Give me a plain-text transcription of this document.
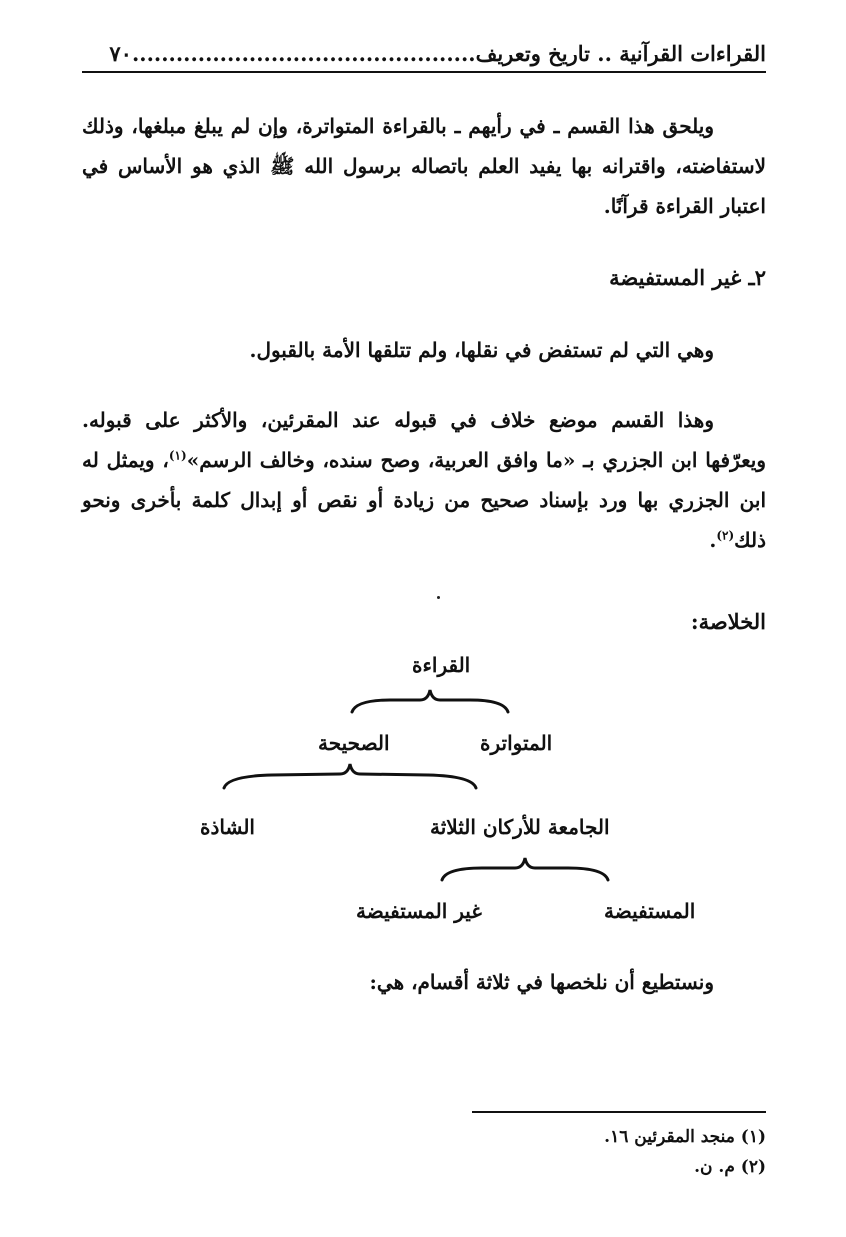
القراءات القرآنية .. تاريخ وتعريف...............................................٧٠
ويلحق هذا القسم ـ في رأيهم ـ بالقراءة المتواترة، وإن لم يبلغ مبلغها، وذلك لاستفاضته، واقترانه بها يفيد العلم باتصاله برسول الله ﷺ الذي هو الأساس في اعتبار القراءة قرآنًا.
٢ـ غير المستفيضة
وهي التي لم تستفض في نقلها، ولم تتلقها الأمة بالقبول.
وهذا القسم موضع خلاف في قبوله عند المقرئين، والأكثر على قبوله. ويعرّفها ابن الجزري بـ «ما وافق العربية، وصح سنده، وخالف الرسم»$^{(١)}$، ويمثل له ابن الجزري بها ورد بإسناد صحيح من زيادة أو نقص أو إبدال كلمة بأخرى ونحو ذلك$^{(٢)}$.
الخلاصة:
القراءة
المتواترة
الصحيحة
الجامعة للأركان الثلاثة
الشاذة
المستفيضة
غير المستفيضة
ونستطيع أن نلخصها في ثلاثة أقسام، هي:
(١) منجد المقرئين ١٦.
(٢) م. ن.
